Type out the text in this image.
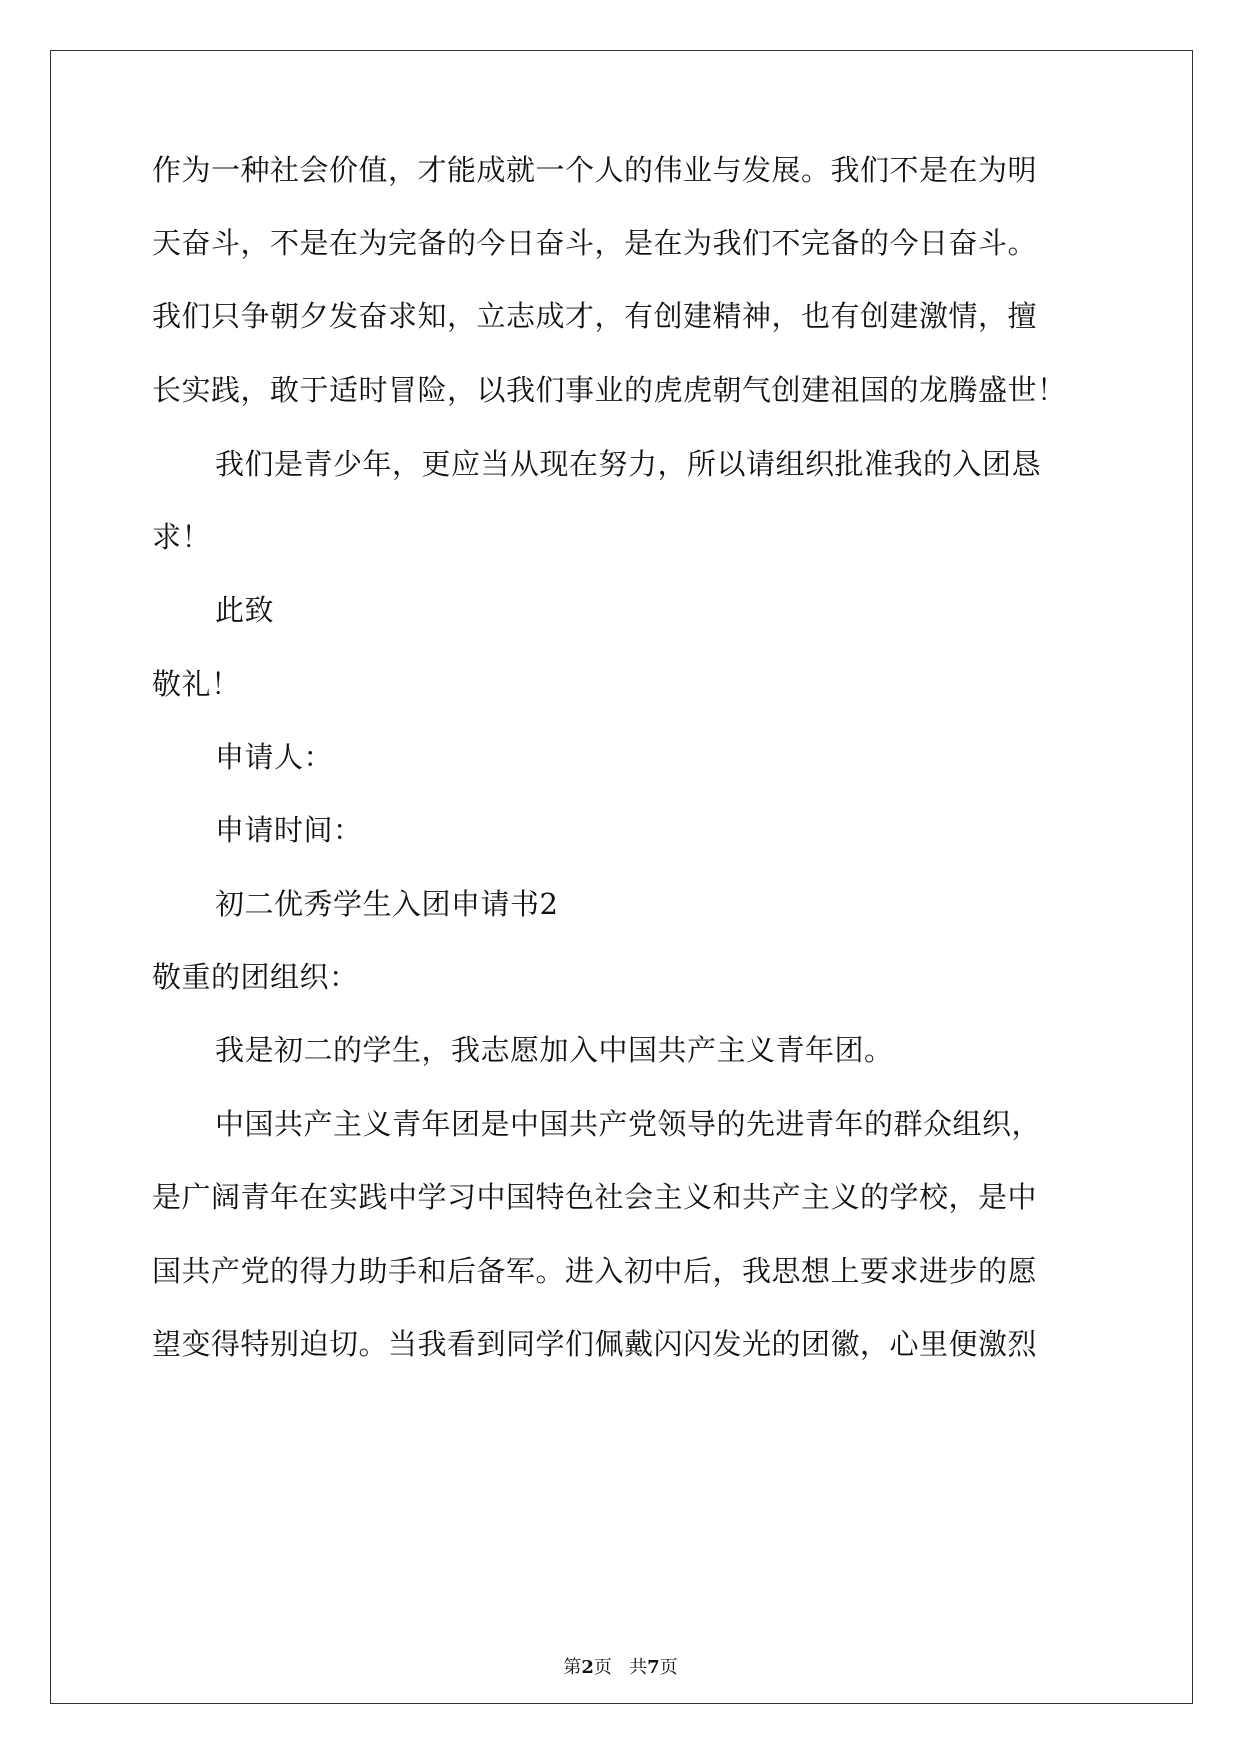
作为一种社会价值，才能成就一个人的伟业与发展。我们不是在为明
天奋斗，不是在为完备的今日奋斗，是在为我们不完备的今日奋斗。
我们只争朝夕发奋求知，立志成才，有创建精神，也有创建激情，擅
长实践，敢于适时冒险，以我们事业的虎虎朝气创建祖国的龙腾盛世！
我们是青少年，更应当从现在努力，所以请组织批准我的入团恳
求！
此致
敬礼！
申请人：
申请时间：
初二优秀学生入团申请书2
敬重的团组织：
我是初二的学生，我志愿加入中国共产主义青年团。
中国共产主义青年团是中国共产党领导的先进青年的群众组织，
是广阔青年在实践中学习中国特色社会主义和共产主义的学校，是中
国共产党的得力助手和后备军。进入初中后，我思想上要求进步的愿
望变得特别迫切。当我看到同学们佩戴闪闪发光的团徽，心里便激烈
第2页 共7页
